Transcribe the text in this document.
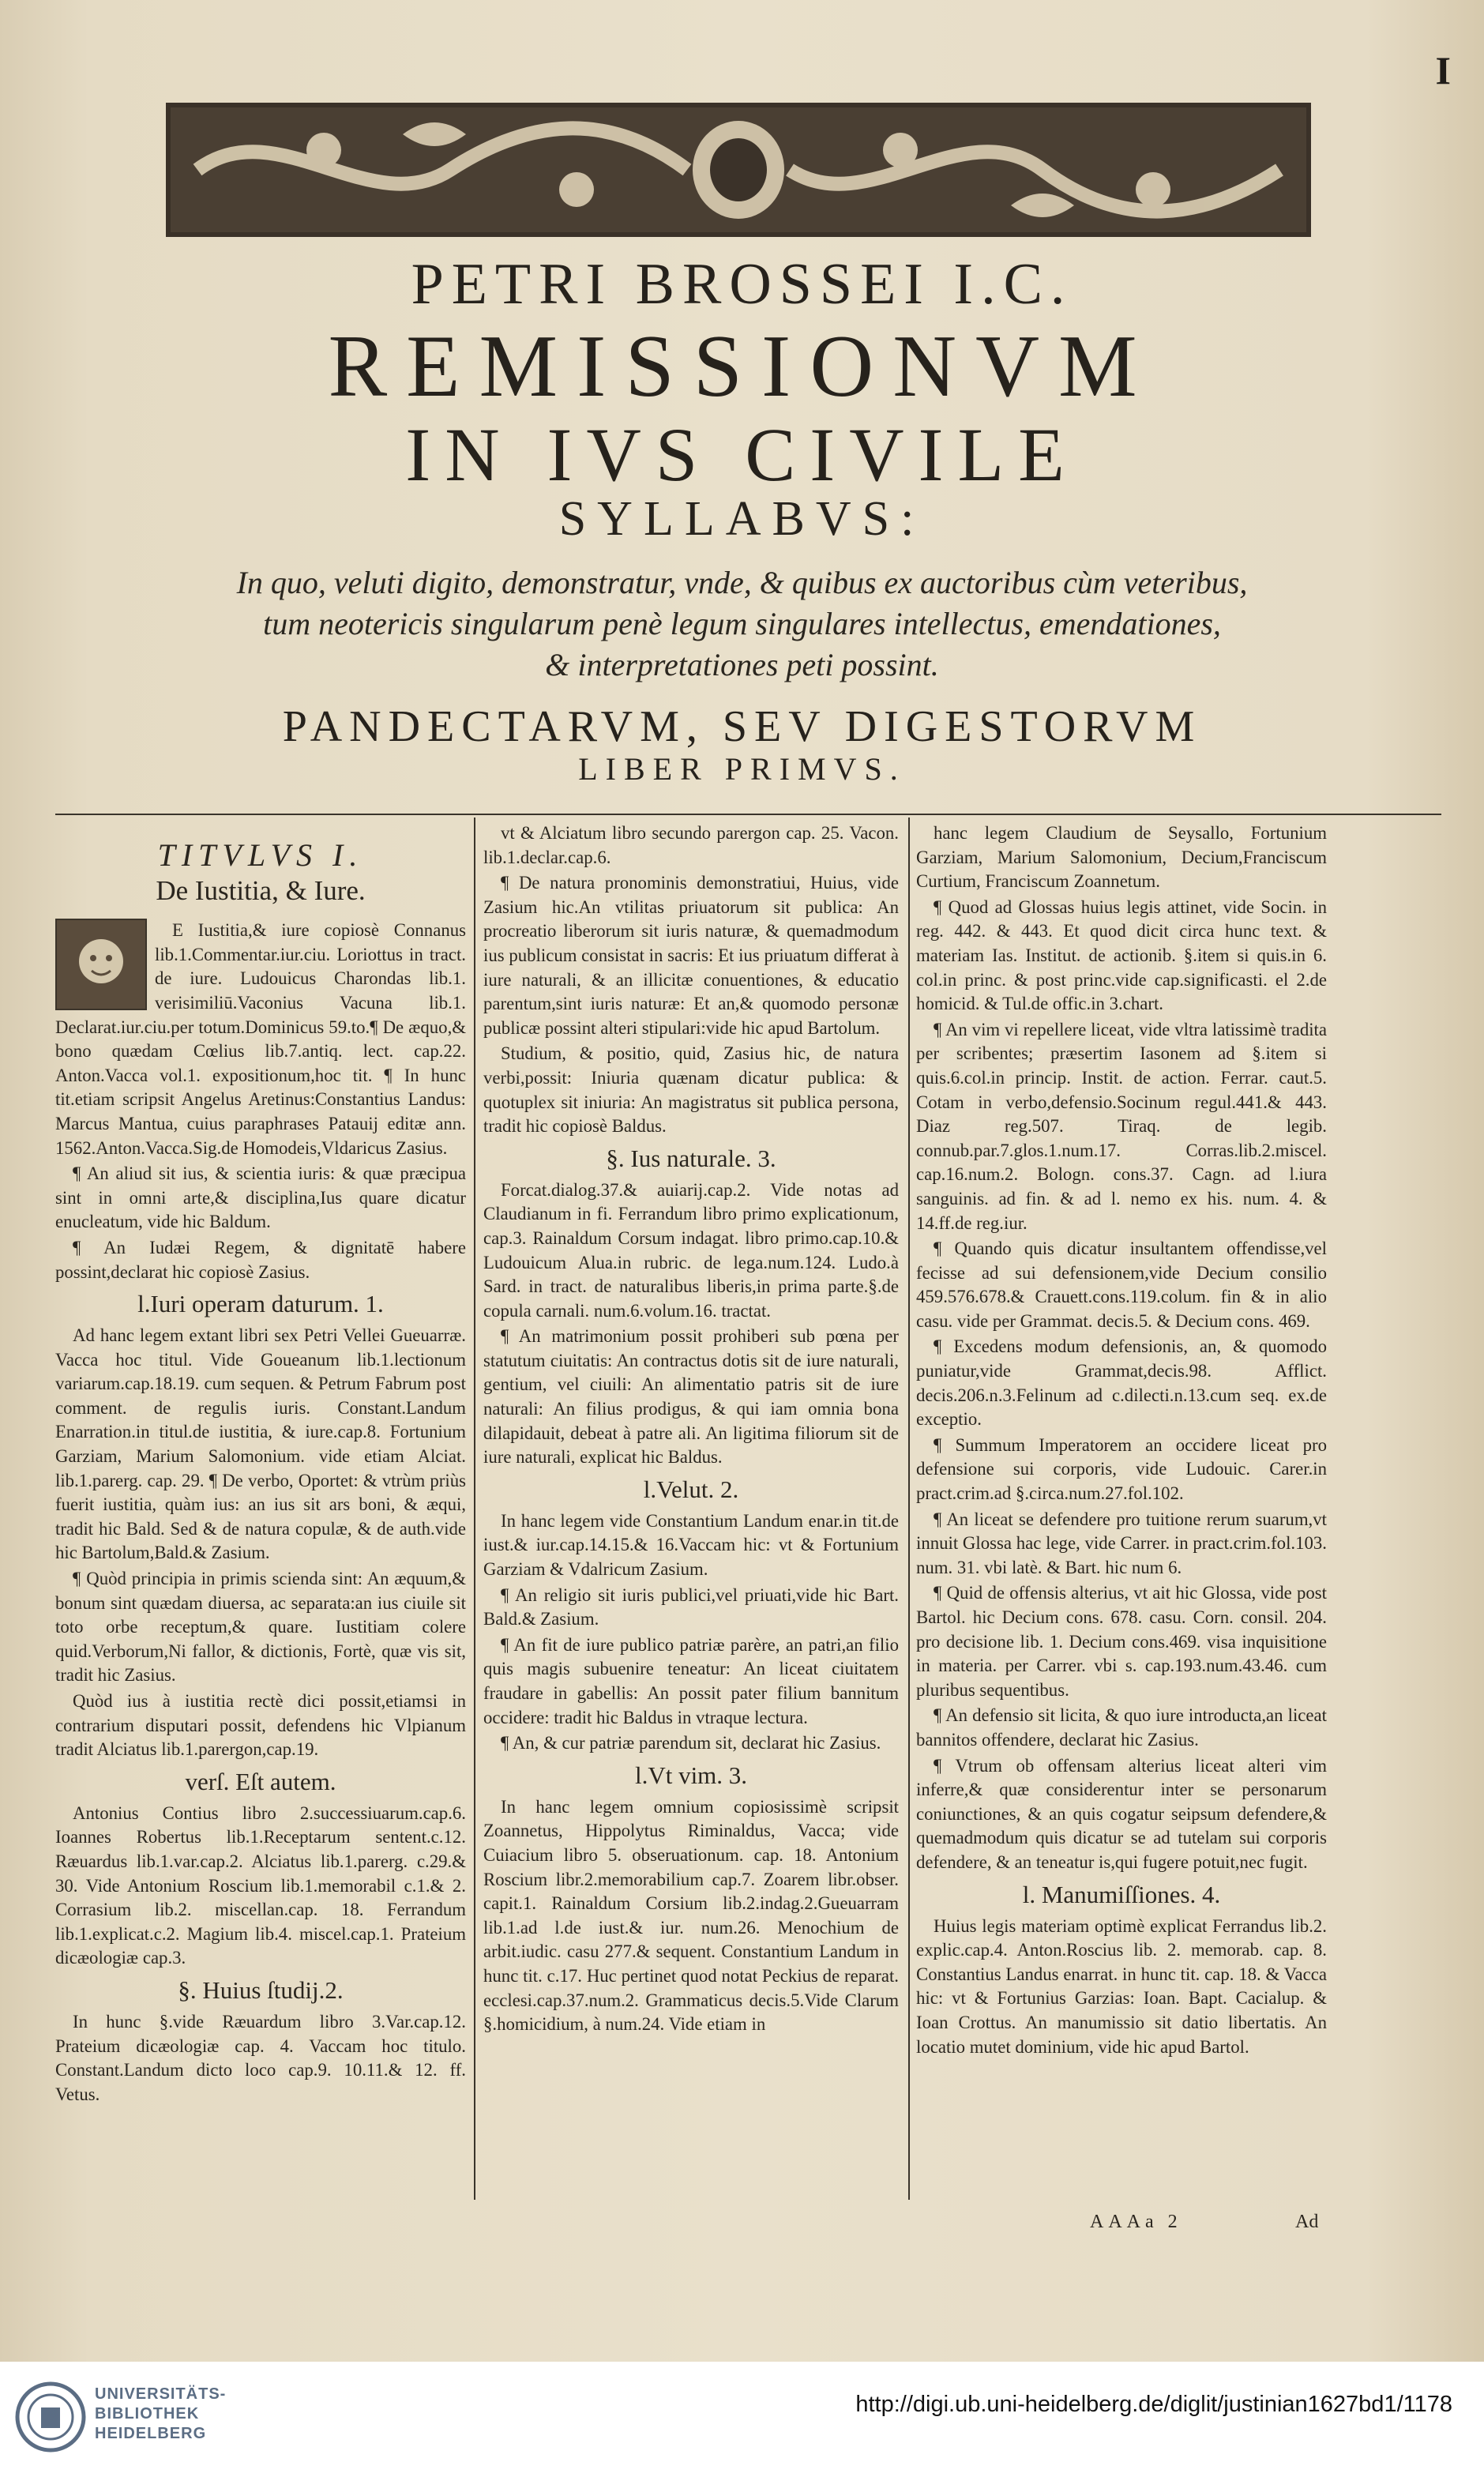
I
PETRI BROSSEI I.C.
REMISSIONVM
IN IVS CIVILE
SYLLABVS:
In quo, veluti digito, demonstratur, vnde, & quibus ex auctoribus cùm veteribus,
tum neotericis singularum penè legum singulares intellectus, emendationes,
& interpretationes peti possint.
PANDECTARVM, SEV DIGESTORVM
LIBER PRIMVS.

TITVLVS I.

De Iustitia, & Iure.

E Iustitia,& iure copiosè Connanus lib.1.Commentar.iur.ciu. Loriottus in tract. de iure. Ludouicus Charondas lib.1. verisimiliū.Vaconius Vacuna lib.1. Declarat.iur.ciu.per totum.Dominicus 59.to.¶ De æquo,& bono quædam Cœlius lib.7.antiq. lect. cap.22. Anton.Vacca vol.1. expositionum,hoc tit. ¶ In hunc tit.etiam scripsit Angelus Aretinus:Constantius Landus: Marcus Mantua, cuius paraphrases Patauij editæ ann. 1562.Anton.Vacca.Sig.de Homodeis,Vldaricus Zasius.

¶ An aliud sit ius, & scientia iuris: & quæ præcipua sint in omni arte,& disciplina,Ius quare dicatur enucleatum, vide hic Baldum.

¶ An Iudæi Regem, & dignitatē habere possint,declarat hic copiosè Zasius.

l.Iuri operam daturum. 1.

Ad hanc legem extant libri sex Petri Vellei Gueuarræ. Vacca hoc titul. Vide Goueanum lib.1.lectionum variarum.cap.18.19. cum sequen. & Petrum Fabrum post comment. de regulis iuris. Constant.Landum Enarration.in titul.de iustitia, & iure.cap.8. Fortunium Garziam, Marium Salomonium. vide etiam Alciat. lib.1.parerg. cap. 29. ¶ De verbo, Oportet: & vtrùm priùs fuerit iustitia, quàm ius: an ius sit ars boni, & æqui, tradit hic Bald. Sed & de natura copulæ, & de auth.vide hic Bartolum,Bald.& Zasium.

¶ Quòd principia in primis scienda sint: An æquum,& bonum sint quædam diuersa, ac separata:an ius ciuile sit toto orbe receptum,& quare. Iustitiam colere quid.Verborum,Ni fallor, & dictionis, Fortè, quæ vis sit, tradit hic Zasius.

Quòd ius à iustitia rectè dici possit,etiamsi in contrarium disputari possit, defendens hic Vlpianum tradit Alciatus lib.1.parergon,cap.19.

verſ. Eſt autem.

Antonius Contius libro 2.successiuarum.cap.6. Ioannes Robertus lib.1.Receptarum sentent.c.12. Ræuardus lib.1.var.cap.2. Alciatus lib.1.parerg. c.29.& 30. Vide Antonium Roscium lib.1.memorabil c.1.& 2. Corrasium lib.2. miscellan.cap. 18. Ferrandum lib.1.explicat.c.2. Magium lib.4. miscel.cap.1. Prateium dicæologiæ cap.3.

§. Huius ſtudij.2.

In hunc §.vide Ræuardum libro 3.Var.cap.12. Prateium dicæologiæ cap. 4. Vaccam hoc titulo. Constant.Landum dicto loco cap.9. 10.11.& 12. ff. Vetus.

vt & Alciatum libro secundo parergon cap. 25. Vacon. lib.1.declar.cap.6.

¶ De natura pronominis demonstratiui, Huius, vide Zasium hic.An vtilitas priuatorum sit publica: An procreatio liberorum sit iuris naturæ, & quemadmodum ius publicum consistat in sacris: Et ius priuatum differat à iure naturali, & an illicitæ conuentiones, & educatio parentum,sint iuris naturæ: Et an,& quomodo personæ publicæ possint alteri stipulari:vide hic apud Bartolum.

Studium, & positio, quid, Zasius hic, de natura verbi,possit: Iniuria quænam dicatur publica: & quotuplex sit iniuria: An magistratus sit publica persona, tradit hic copiosè Baldus.

§. Ius naturale. 3.

Forcat.dialog.37.& auiarij.cap.2. Vide notas ad Claudianum in fi. Ferrandum libro primo explicationum, cap.3. Rainaldum Corsum indagat. libro primo.cap.10.& Ludouicum Alua.in rubric. de lega.num.124. Ludo.à Sard. in tract. de naturalibus liberis,in prima parte.§.de copula carnali. num.6.volum.16. tractat.

¶ An matrimonium possit prohiberi sub pœna per statutum ciuitatis: An contractus dotis sit de iure naturali, gentium, vel ciuili: An alimentatio patris sit de iure naturali: An filius prodigus, & qui iam omnia bona dilapidauit, debeat à patre ali. An ligitima filiorum sit de iure naturali, explicat hic Baldus.

l.Velut. 2.

In hanc legem vide Constantium Landum enar.in tit.de iust.& iur.cap.14.15.& 16.Vaccam hic: vt & Fortunium Garziam & Vdalricum Zasium.

¶ An religio sit iuris publici,vel priuati,vide hic Bart. Bald.& Zasium.

¶ An fit de iure publico patriæ parère, an patri,an filio quis magis subuenire teneatur: An liceat ciuitatem fraudare in gabellis: An possit pater filium bannitum occidere: tradit hic Baldus in vtraque lectura.

¶ An, & cur patriæ parendum sit, declarat hic Zasius.

l.Vt vim. 3.

In hanc legem omnium copiosissimè scripsit Zoannetus, Hippolytus Riminaldus, Vacca; vide Cuiacium libro 5. obseruationum. cap. 18. Antonium Roscium libr.2.memorabilium cap.7. Zoarem libr.obser. capit.1. Rainaldum Corsium lib.2.indag.2.Gueuarram lib.1.ad l.de iust.& iur. num.26. Menochium de arbit.iudic. casu 277.& sequent. Constantium Landum in hunc tit. c.17. Huc pertinet quod notat Peckius de reparat. ecclesi.cap.37.num.2. Grammaticus decis.5.Vide Clarum §.homicidium, à num.24. Vide etiam in

hanc legem Claudium de Seysallo, Fortunium Garziam, Marium Salomonium, Decium,Franciscum Curtium, Franciscum Zoannetum.

¶ Quod ad Glossas huius legis attinet, vide Socin. in reg. 442. & 443. Et quod dicit circa hunc text. & materiam Ias. Institut. de actionib. §.item si quis.in 6. col.in princ. & post princ.vide cap.significasti. el 2.de homicid. & Tul.de offic.in 3.chart.

¶ An vim vi repellere liceat, vide vltra latissimè tradita per scribentes; præsertim Iasonem ad §.item si quis.6.col.in princip. Instit. de action. Ferrar. caut.5. Cotam in verbo,defensio.Socinum regul.441.& 443. Diaz reg.507. Tiraq. de legib. connub.par.7.glos.1.num.17. Corras.lib.2.miscel. cap.16.num.2. Bologn. cons.37. Cagn. ad l.iura sanguinis. ad fin. & ad l. nemo ex his. num. 4. & 14.ff.de reg.iur.

¶ Quando quis dicatur insultantem offendisse,vel fecisse ad sui defensionem,vide Decium consilio 459.576.678.& Crauett.cons.119.colum. fin & in alio casu. vide per Grammat. decis.5. & Decium cons. 469.

¶ Excedens modum defensionis, an, & quomodo puniatur,vide Grammat,decis.98. Afflict. decis.206.n.3.Felinum ad c.dilecti.n.13.cum seq. ex.de exceptio.

¶ Summum Imperatorem an occidere liceat pro defensione sui corporis, vide Ludouic. Carer.in pract.crim.ad §.circa.num.27.fol.102.

¶ An liceat se defendere pro tuitione rerum suarum,vt innuit Glossa hac lege, vide Carrer. in pract.crim.fol.103. num. 31. vbi latè. & Bart. hic num 6.

¶ Quid de offensis alterius, vt ait hic Glossa, vide post Bartol. hic Decium cons. 678. casu. Corn. consil. 204. pro decisione lib. 1. Decium cons.469. visa inquisitione in materia. per Carrer. vbi s. cap.193.num.43.46. cum pluribus sequentibus.

¶ An defensio sit licita, & quo iure introducta,an liceat bannitos offendere, declarat hic Zasius.

¶ Vtrum ob offensam alterius liceat alteri vim inferre,& quæ considerentur inter se personarum coniunctiones, & an quis cogatur seipsum defendere,& quemadmodum quis dicatur se ad tutelam sui corporis defendere, & an teneatur is,qui fugere potuit,nec fugit.

l. Manumiſſiones. 4.

Huius legis materiam optimè explicat Ferrandus lib.2. explic.cap.4. Anton.Roscius lib. 2. memorab. cap. 8. Constantius Landus enarrat. in hunc tit. cap. 18. & Vacca hic: vt & Fortunius Garzias: Ioan. Bapt. Cacialup. & Ioan Crottus. An manumissio sit datio libertatis. An locatio mutet dominium, vide hic apud Bartol.

AAAa 2	Ad
UNIVERSITÄTS-
BIBLIOTHEK
HEIDELBERG
http://digi.ub.uni-heidelberg.de/diglit/justinian1627bd1/1178
